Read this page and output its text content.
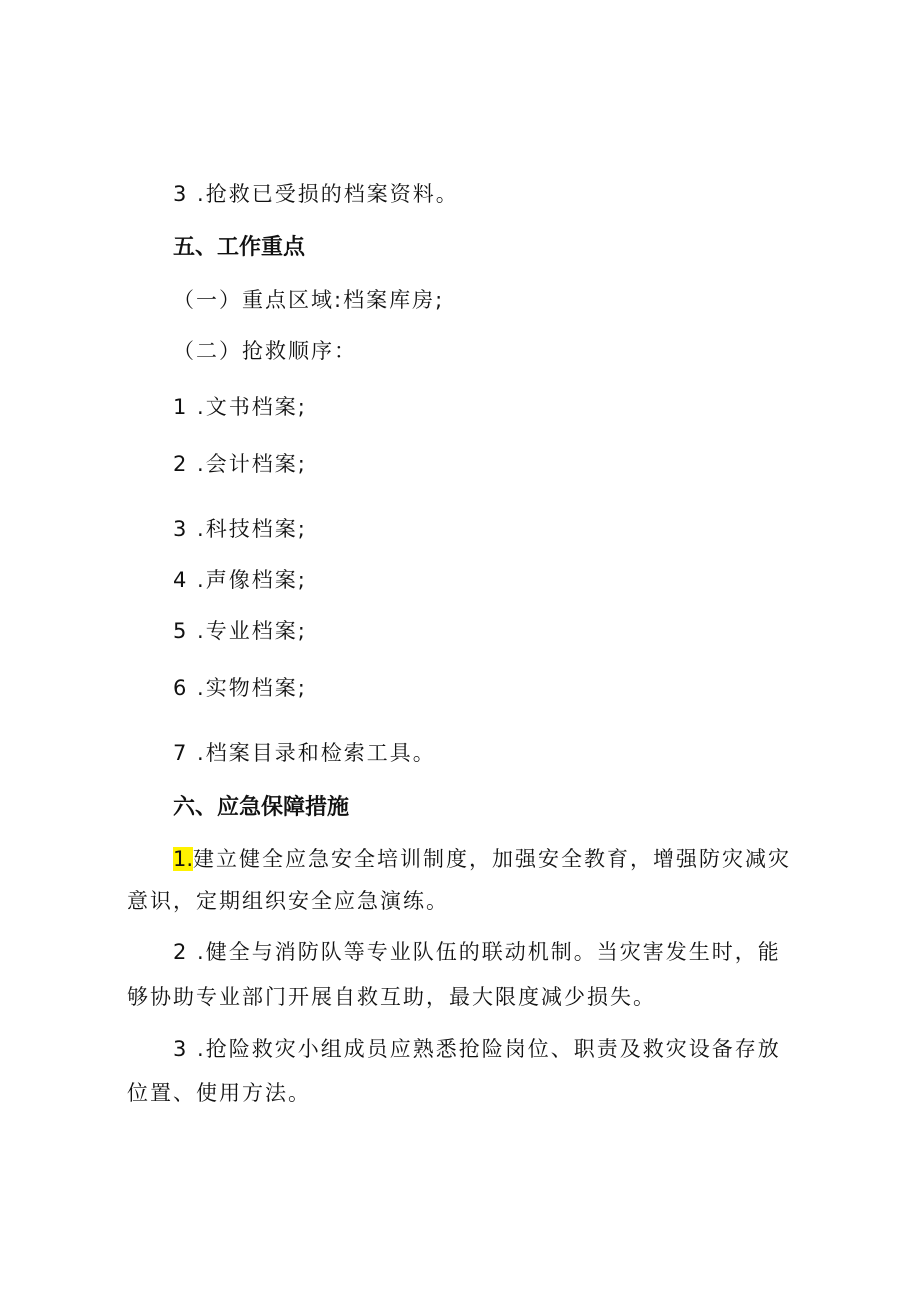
3 .抢救已受损的档案资料。
五、工作重点
（一）重点区域:档案库房;
（二）抢救顺序：
1 .文书档案;
2 .会计档案;
3 .科技档案;
4 .声像档案;
5 .专业档案;
6 .实物档案;
7 .档案目录和检索工具。
六、应急保障措施
1.建立健全应急安全培训制度，加强安全教育，增强防灾减灾
意识，定期组织安全应急演练。
2 .健全与消防队等专业队伍的联动机制。当灾害发生时，能
够协助专业部门开展自救互助，最大限度减少损失。
3 .抢险救灾小组成员应熟悉抢险岗位、职责及救灾设备存放
位置、使用方法。
